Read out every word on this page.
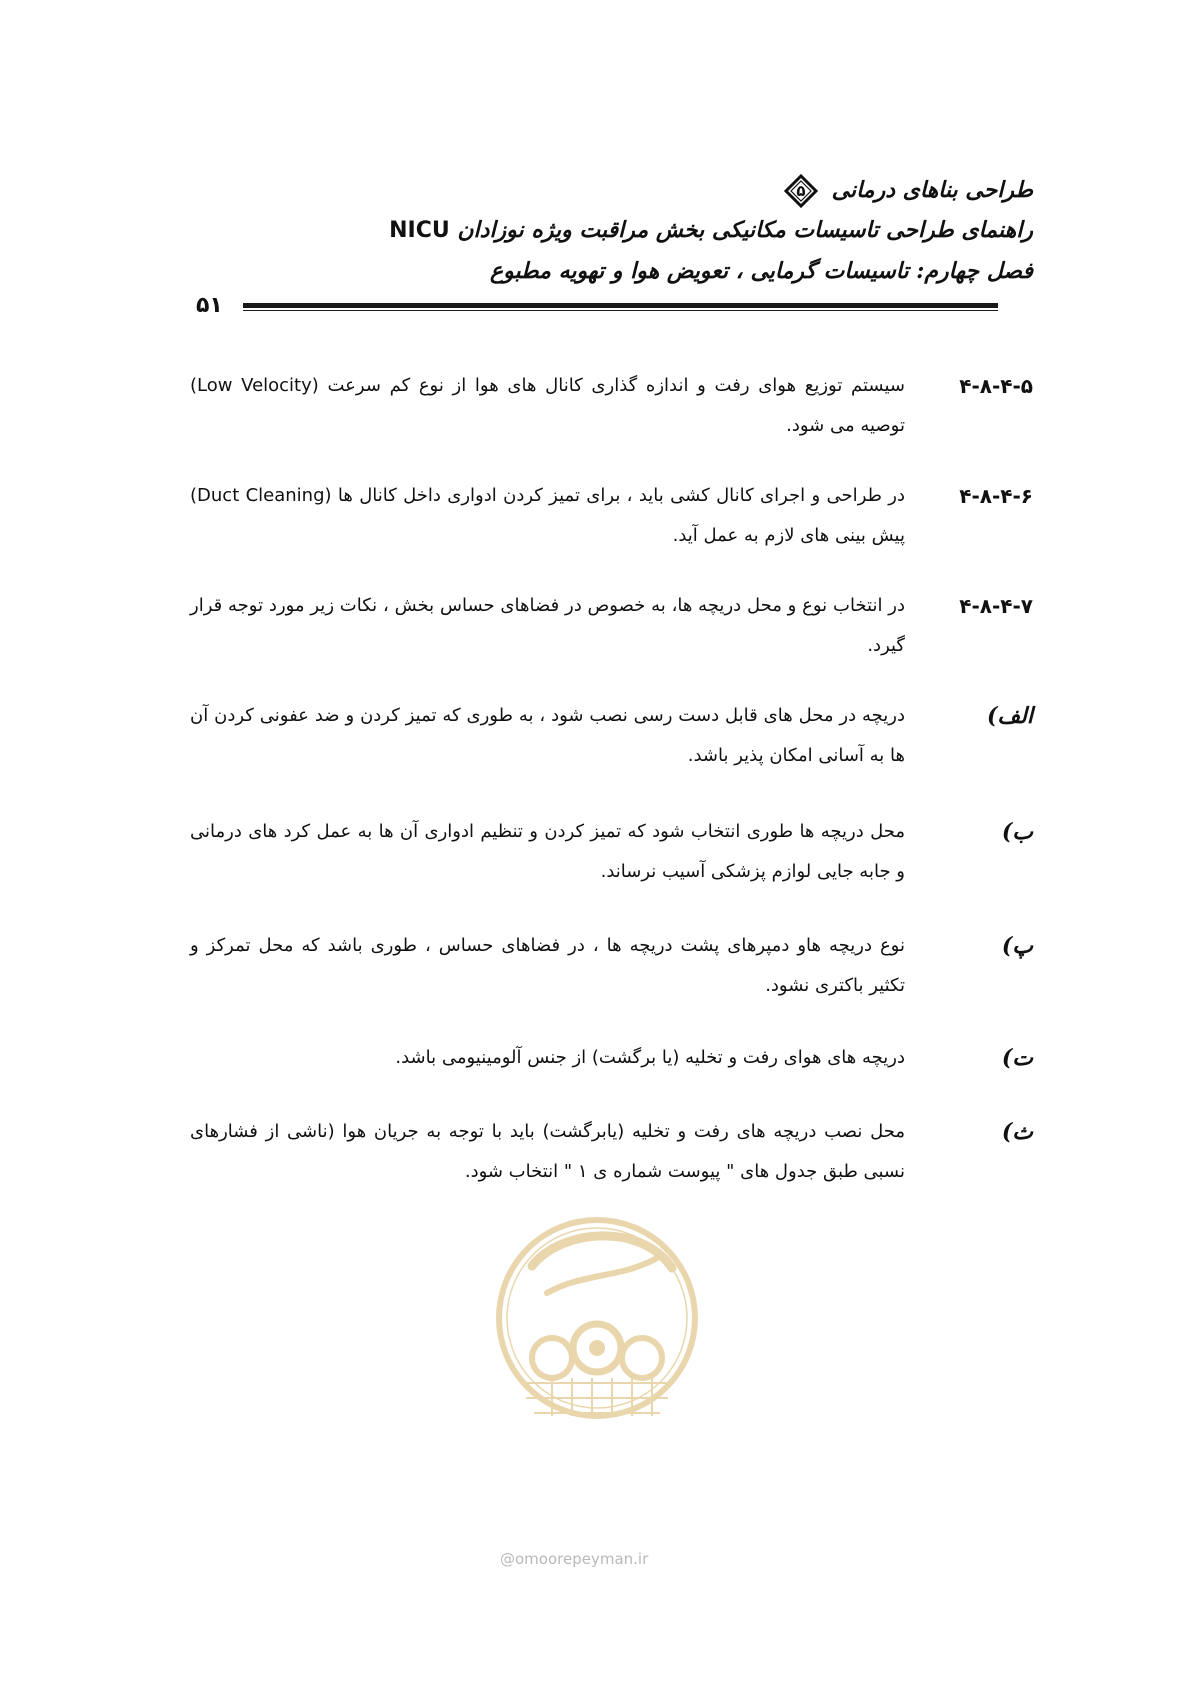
طراحی بناهای درمانی
۵
راهنمای طراحی تاسیسات مکانیکی بخش مراقبت ویژه نوزادان NICU
فصل چهارم: تاسیسات گرمایی ، تعویض هوا و تهویه مطبوع
۵۱
۴-۸-۴-۵
سیستم توزیع هوای رفت و اندازه گذاری کانال های هوا از نوع کم سرعت (Low Velocity) توصیه می شود.
۴-۸-۴-۶
در طراحی و اجرای کانال کشی باید ، برای تمیز کردن ادواری داخل کانال ها (Duct Cleaning) پیش بینی های لازم به عمل آید.
۴-۸-۴-۷
در انتخاب نوع و محل دریچه ها، به خصوص در فضاهای حساس بخش ، نکات زیر مورد توجه قرار گیرد.
الف)
دریچه در محل های قابل دست رسی نصب شود ، به طوری که تمیز کردن و ضد عفونی کردن آن ها به آسانی امکان پذیر باشد.
ب)
محل دریچه ها طوری انتخاب شود که تمیز کردن و تنظیم ادواری آن ها به عمل کرد های درمانی و جابه جایی لوازم پزشکی آسیب نرساند.
پ)
نوع دریچه هاو دمپرهای پشت دریچه ها ، در فضاهای حساس ، طوری باشد که محل تمرکز و تکثیر باکتری نشود.
ت)
دریچه های هوای رفت و تخلیه (یا برگشت) از جنس آلومینیومی باشد.
ث)
محل نصب دریچه های رفت و تخلیه (یابرگشت) باید با توجه به جریان هوا (ناشی از فشارهای نسبی طبق جدول های " پیوست شماره ی ۱ " انتخاب شود.
@omoorepeyman.ir
